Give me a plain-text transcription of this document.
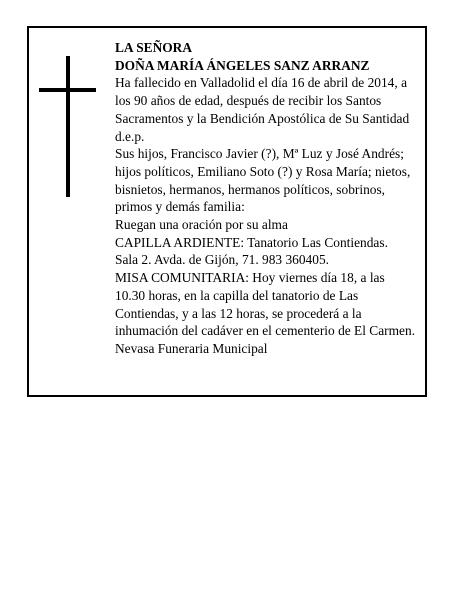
LA SEÑORA
DOÑA MARÍA ÁNGELES SANZ ARRANZ
Ha fallecido en Valladolid el día 16 de abril de 2014, a
los 90 años de edad, después de recibir los Santos
Sacramentos y la Bendición Apostólica de Su Santidad
d.e.p.
Sus hijos, Francisco Javier (?), Mª Luz y José Andrés;
hijos políticos, Emiliano Soto (?) y Rosa María; nietos,
bisnietos, hermanos, hermanos políticos, sobrinos,
primos y demás familia:
Ruegan una oración por su alma
CAPILLA ARDIENTE: Tanatorio Las Contiendas.
Sala 2. Avda. de Gijón, 71. 983 360405.
MISA COMUNITARIA: Hoy viernes día 18, a las
10.30 horas, en la capilla del tanatorio de Las
Contiendas, y a las 12 horas, se procederá a la
inhumación del cadáver en el cementerio de El Carmen.
Nevasa Funeraria Municipal
